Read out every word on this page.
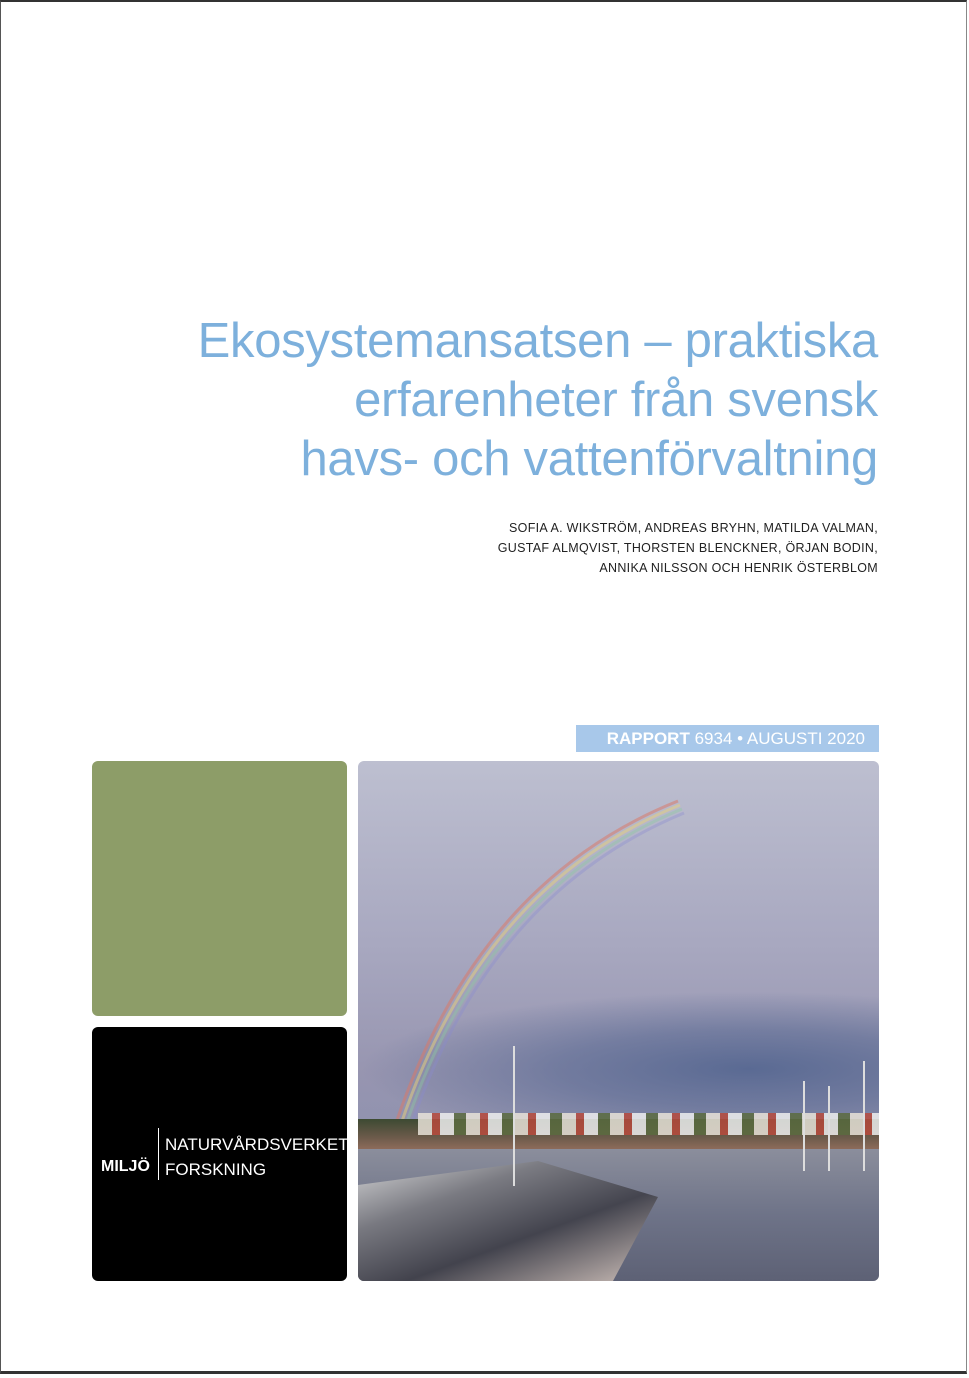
Ekosystemansatsen – praktiska
erfarenheter från svensk
havs- och vattenförvaltning
SOFIA A. WIKSTRÖM, ANDREAS BRYHN, MATILDA VALMAN,
GUSTAF ALMQVIST, THORSTEN BLENCKNER, ÖRJAN BODIN,
ANNIKA NILSSON OCH HENRIK ÖSTERBLOM
RAPPORT 6934 • AUGUSTI 2020
MILJÖ
NATURVÅRDSVERKET
FORSKNING
